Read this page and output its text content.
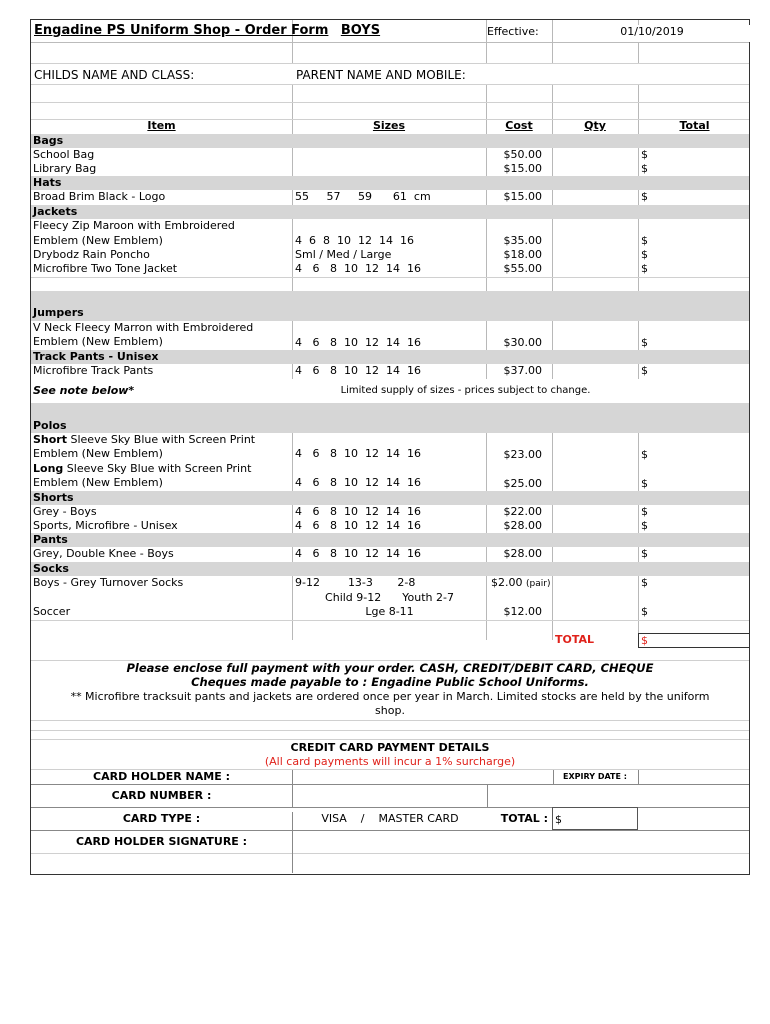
Engadine PS Uniform Shop - Order Form BOYS	Effective:	01/10/2019
CHILDS NAME AND CLASS:	PARENT NAME AND MOBILE:
Item	Sizes	Cost	Qty	Total
Bags
School Bag	$50.00	$
Library Bag	$15.00	$
Hats
Broad Brim Black - Logo	55     57     59      61  cm	$15.00	$
Jackets
Fleecy Zip Maroon with Embroidered
Emblem (New Emblem)	4  6  8  10  12  14  16	$35.00	$
Drybodz Rain Poncho	Sml / Med / Large	$18.00	$
Microfibre Two Tone Jacket	4   6   8  10  12  14  16	$55.00	$
Jumpers
V Neck Fleecy Marron with Embroidered
Emblem (New Emblem)	4   6   8  10  12  14  16	$30.00	$
Track Pants - Unisex
Microfibre Track Pants	4   6   8  10  12  14  16	$37.00	$
See note below*	Limited supply of sizes - prices subject to change.
Polos
Short Sleeve Sky Blue with Screen Print
Emblem (New Emblem)	4   6   8  10  12  14  16	$23.00	$
Long Sleeve Sky Blue with Screen Print
Emblem (New Emblem)	4   6   8  10  12  14  16	$25.00	$
Shorts
Grey - Boys	4   6   8  10  12  14  16	$22.00	$
Sports, Microfibre - Unisex	4   6   8  10  12  14  16	$28.00	$
Pants
Grey, Double Knee - Boys	4   6   8  10  12  14  16	$28.00	$
Socks
Boys - Grey Turnover Socks	9-12        13-3       2-8	$2.00 (pair)	$
Child 9-12      Youth 2-7
Soccer	Lge 8-11	$12.00	$
TOTAL	$
Please enclose full payment with your order. CASH, CREDIT/DEBIT CARD, CHEQUE
Cheques made payable to : Engadine Public School Uniforms.
** Microfibre tracksuit pants and jackets are ordered once per year in March. Limited stocks are held by the uniform
shop.
CREDIT CARD PAYMENT DETAILS
(All card payments will incur a 1% surcharge)
CARD HOLDER NAME :	EXPIRY DATE :
CARD NUMBER :
CARD TYPE :	VISA    /    MASTER CARD	TOTAL : $
CARD HOLDER SIGNATURE :
